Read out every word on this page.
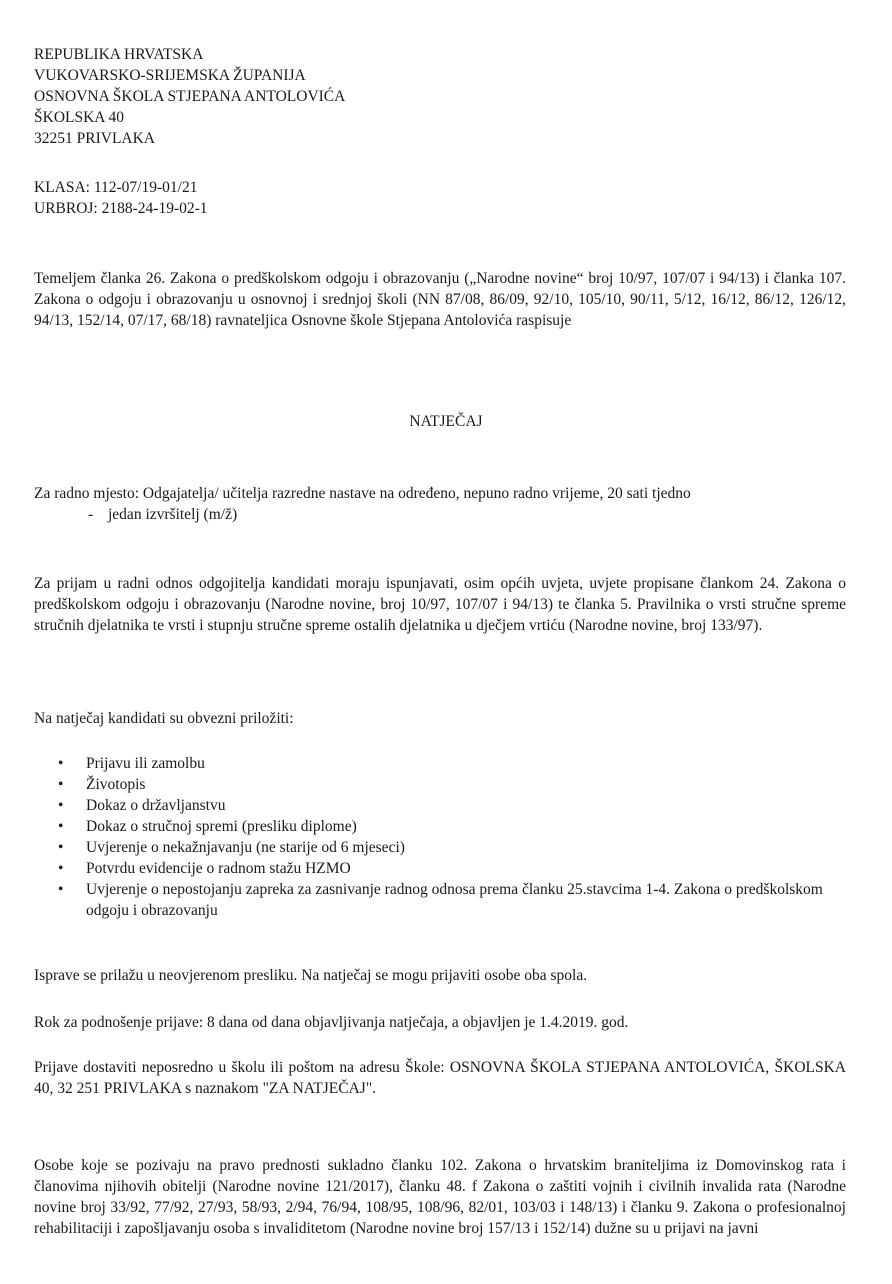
REPUBLIKA HRVATSKA
VUKOVARSKO-SRIJEMSKA ŽUPANIJA
OSNOVNA ŠKOLA STJEPANA ANTOLOVIĆA
ŠKOLSKA 40
32251 PRIVLAKA
KLASA: 112-07/19-01/21
URBROJ: 2188-24-19-02-1

Temeljem članka 26. Zakona o predškolskom odgoju i obrazovanju („Narodne novine“ broj 10/97, 107/07 i 94/13) i članka 107. Zakona o odgoju i obrazovanju u osnovnoj i srednjoj školi (NN 87/08, 86/09, 92/10, 105/10, 90/11, 5/12, 16/12, 86/12, 126/12, 94/13, 152/14, 07/17, 68/18) ravnateljica Osnovne škole Stjepana Antolovića raspisuje

NATJEČAJ

Za radno mjesto: Odgajatelja/ učitelja razredne nastave na određeno, nepuno radno vrijeme, 20 sati tjedno

- jedan izvršitelj (m/ž)

Za prijam u radni odnos odgojitelja kandidati moraju ispunjavati, osim općih uvjeta, uvjete propisane člankom 24. Zakona o predškolskom odgoju i obrazovanju (Narodne novine, broj 10/97, 107/07 i 94/13) te članka 5. Pravilnika o vrsti stručne spreme stručnih djelatnika te vrsti i stupnju stručne spreme ostalih djelatnika u dječjem vrtiću (Narodne novine, broj 133/97).

Na natječaj kandidati su obvezni priložiti:

• Prijavu ili zamolbu
• Životopis
• Dokaz o državljanstvu
• Dokaz o stručnoj spremi (presliku diplome)
• Uvjerenje o nekažnjavanju (ne starije od 6 mjeseci)
• Potvrdu evidencije o radnom stažu HZMO
• Uvjerenje o nepostojanju zapreka za zasnivanje radnog odnosa prema članku 25.stavcima 1-4. Zakona o predškolskom odgoju i obrazovanju

Isprave se prilažu u neovjerenom presliku. Na natječaj se mogu prijaviti osobe oba spola.

Rok za podnošenje prijave: 8 dana od dana objavljivanja natječaja, a objavljen je 1.4.2019. god.

Prijave dostaviti neposredno u školu ili poštom na adresu Škole: OSNOVNA ŠKOLA STJEPANA ANTOLOVIĆA, ŠKOLSKA 40, 32 251 PRIVLAKA s naznakom "ZA NATJEČAJ".

Osobe koje se pozivaju na pravo prednosti sukladno članku 102. Zakona o hrvatskim braniteljima iz Domovinskog rata i članovima njihovih obitelji (Narodne novine 121/2017), članku 48. f Zakona o zaštiti vojnih i civilnih invalida rata (Narodne novine broj 33/92, 77/92, 27/93, 58/93, 2/94, 76/94, 108/95, 108/96, 82/01, 103/03 i 148/13) i članku 9. Zakona o profesionalnoj rehabilitaciji i zapošljavanju osoba s invaliditetom (Narodne novine broj 157/13 i 152/14) dužne su u prijavi na javni
